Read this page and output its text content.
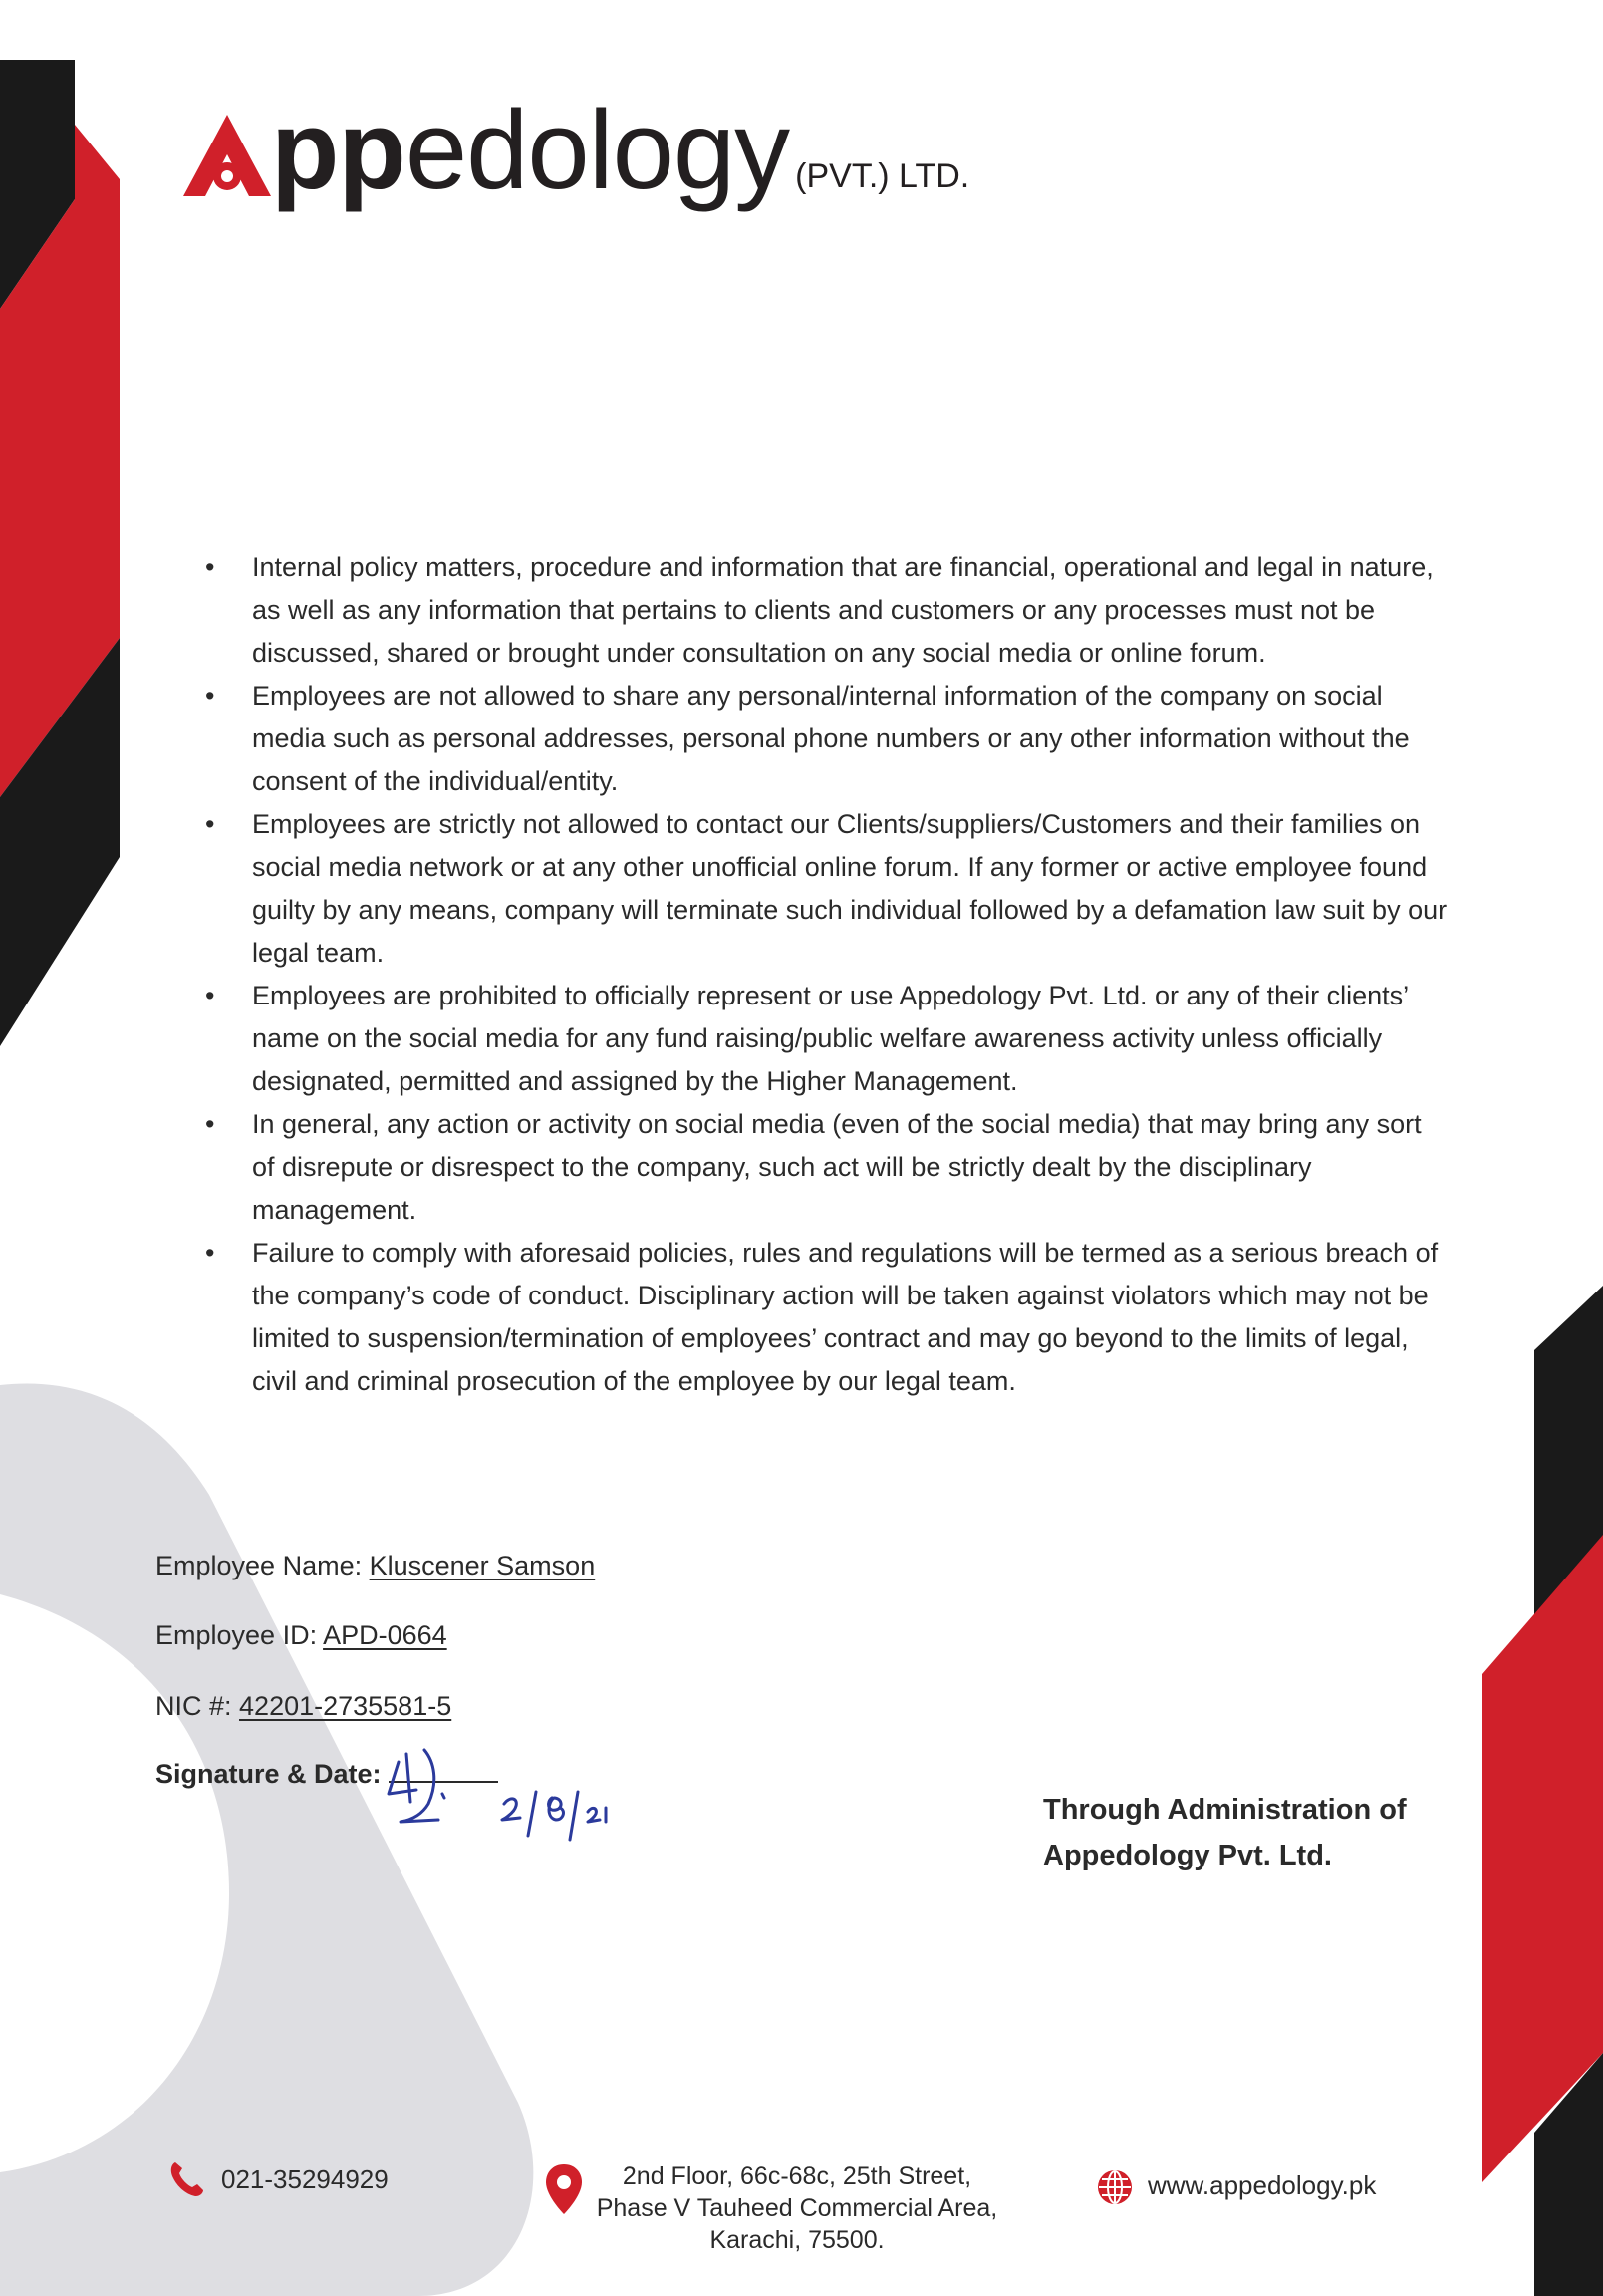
ppedology (PVT.) LTD.
• Internal policy matters, procedure and information that are financial, operational and legal in nature, as well as any information that pertains to clients and customers or any processes must not be discussed, shared or brought under consultation on any social media or online forum.
• Employees are not allowed to share any personal/internal information of the company on social media such as personal addresses, personal phone numbers or any other information without the consent of the individual/entity.
• Employees are strictly not allowed to contact our Clients/suppliers/Customers and their families on social media network or at any other unofficial online forum. If any former or active employee found guilty by any means, company will terminate such individual followed by a defamation law suit by our legal team.
• Employees are prohibited to officially represent or use Appedology Pvt. Ltd. or any of their clients’ name on the social media for any fund raising/public welfare awareness activity unless officially designated, permitted and assigned by the Higher Management.
• In general, any action or activity on social media (even of the social media) that may bring any sort of disrepute or disrespect to the company, such act will be strictly dealt by the disciplinary management.
• Failure to comply with aforesaid policies, rules and regulations will be termed as a serious breach of the company’s code of conduct. Disciplinary action will be taken against violators which may not be limited to suspension/termination of employees’ contract and may go beyond to the limits of legal, civil and criminal prosecution of the employee by our legal team.
Employee Name: Kluscener Samson
Employee ID: APD-0664
NIC #: 42201-2735581-5
Signature & Date:
Through Administration of
Appedology Pvt. Ltd.
021-35294929	2nd Floor, 66c-68c, 25th Street,
Phase V Tauheed Commercial Area,
Karachi, 75500.
www.appedology.pk
